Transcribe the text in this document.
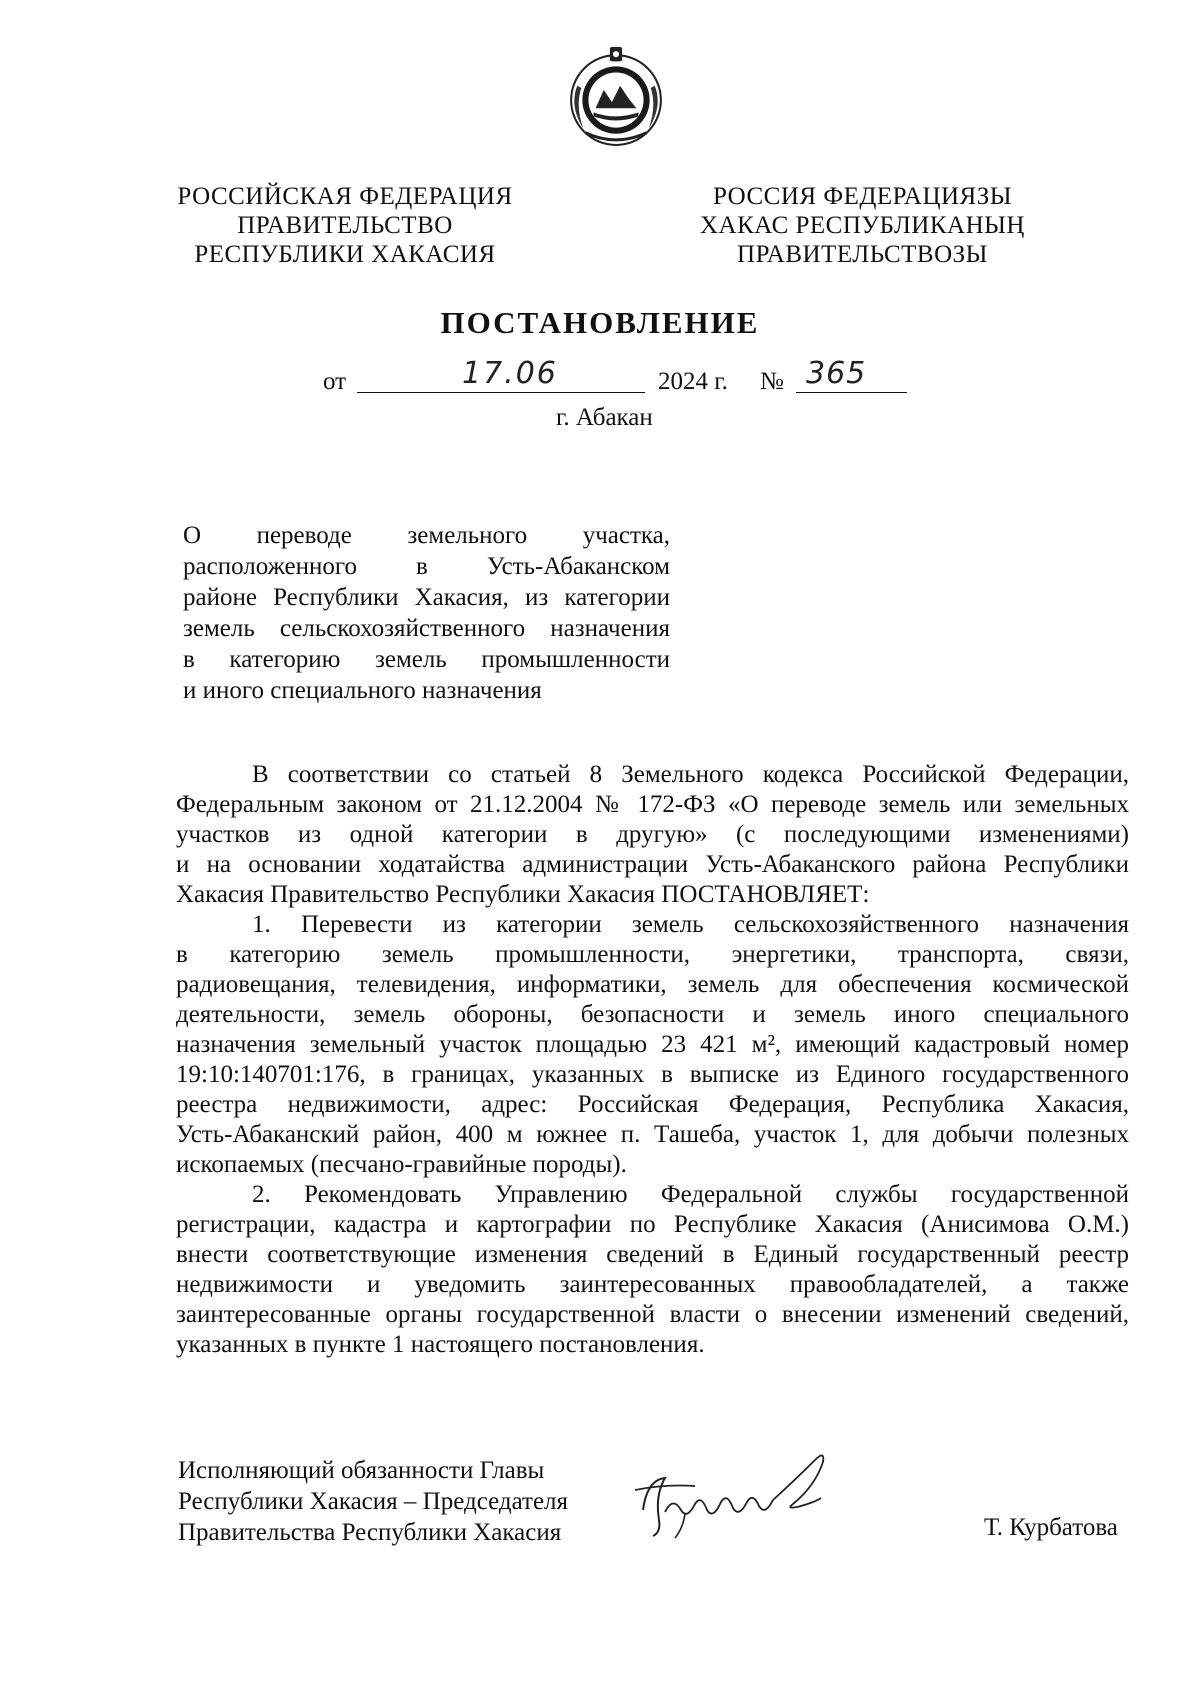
РОССИЙСКАЯ ФЕДЕРАЦИЯ
ПРАВИТЕЛЬСТВО
РЕСПУБЛИКИ ХАКАСИЯ
РОССИЯ ФЕДЕРАЦИЯЗЫ
ХАКАС РЕСПУБЛИКАНЫҢ
ПРАВИТЕЛЬСТВОЗЫ
ПОСТАНОВЛЕНИЕ
от	17.06	2024 г. № 365
г. Абакан
О переводе земельного участка,
расположенного в Усть-Абаканском
районе Республики Хакасия, из категории
земель сельскохозяйственного назначения
в категорию земель промышленности
и иного специального назначения
В соответствии со статьей 8 Земельного кодекса Российской Федерации,
Федеральным законом от 21.12.2004 № 172-ФЗ «О переводе земель или земельных
участков из одной категории в другую» (с последующими изменениями)
и на основании ходатайства администрации Усть-Абаканского района Республики
Хакасия Правительство Республики Хакасия ПОСТАНОВЛЯЕТ:
1. Перевести из категории земель сельскохозяйственного назначения
в категорию земель промышленности, энергетики, транспорта, связи,
радиовещания, телевидения, информатики, земель для обеспечения космической
деятельности, земель обороны, безопасности и земель иного специального
назначения земельный участок площадью 23 421 м², имеющий кадастровый номер
19:10:140701:176, в границах, указанных в выписке из Единого государственного
реестра недвижимости, адрес: Российская Федерация, Республика Хакасия,
Усть-Абаканский район, 400 м южнее п. Ташеба, участок 1, для добычи полезных
ископаемых (песчано-гравийные породы).
2. Рекомендовать Управлению Федеральной службы государственной
регистрации, кадастра и картографии по Республике Хакасия (Анисимова О.М.)
внести соответствующие изменения сведений в Единый государственный реестр
недвижимости и уведомить заинтересованных правообладателей, а также
заинтересованные органы государственной власти о внесении изменений сведений,
указанных в пункте 1 настоящего постановления.
Исполняющий обязанности Главы
Республики Хакасия – Председателя
Правительства Республики Хакасия	Т. Курбатова
